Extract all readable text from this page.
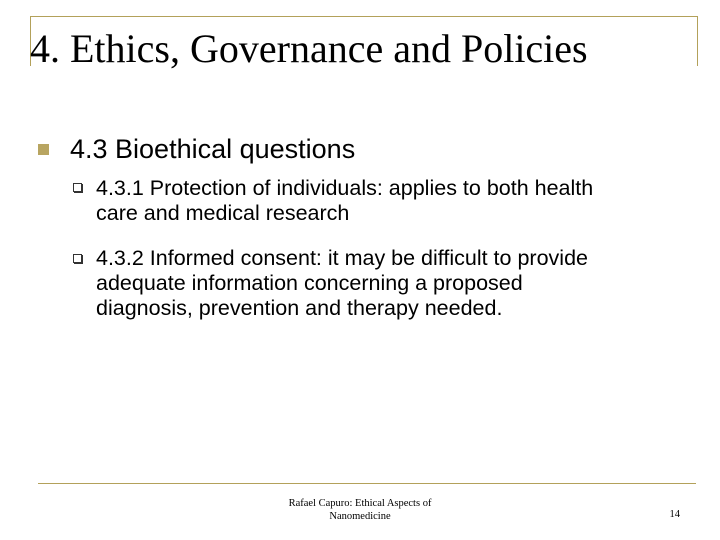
4. Ethics, Governance and Policies
4.3 Bioethical questions
4.3.1 Protection of individuals: applies to both health care and medical research
4.3.2 Informed consent: it may be difficult to provide adequate information concerning a proposed diagnosis, prevention and therapy needed.
Rafael Capuro: Ethical Aspects of
Nanomedicine	14
